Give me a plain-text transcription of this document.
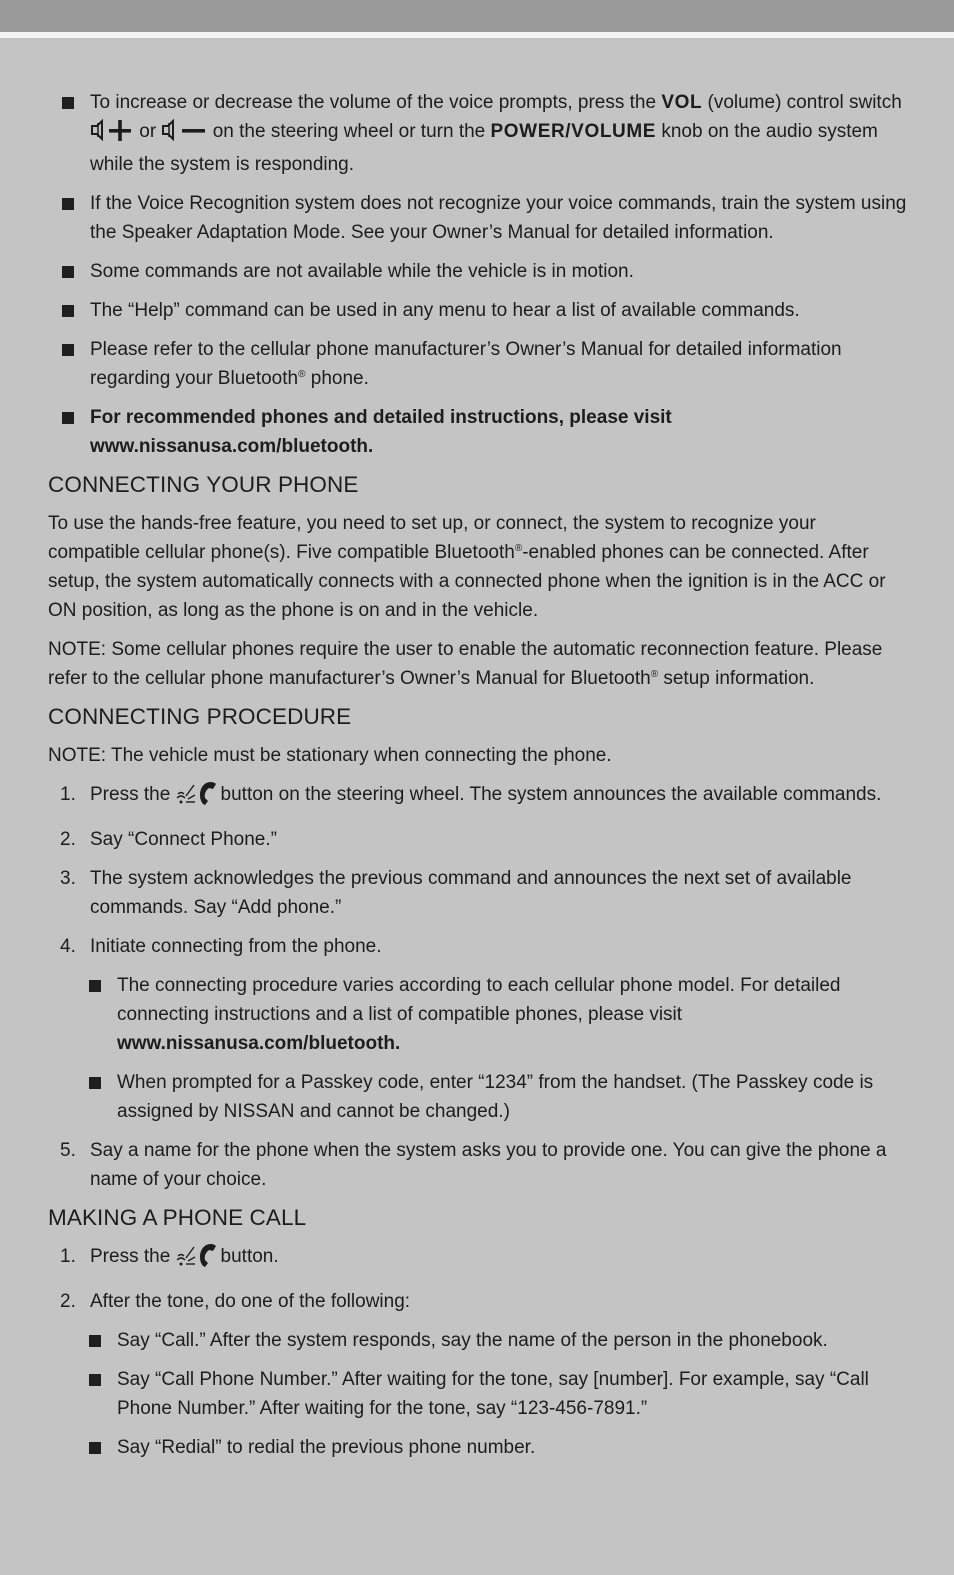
To increase or decrease the volume of the voice prompts, press the VOL (volume) control switch  or  on the steering wheel or turn the POWER/VOLUME knob on the audio system while the system is responding.
If the Voice Recognition system does not recognize your voice commands, train the system using the Speaker Adaptation Mode. See your Owner’s Manual for detailed information.
Some commands are not available while the vehicle is in motion.
The “Help” command can be used in any menu to hear a list of available commands.
Please refer to the cellular phone manufacturer’s Owner’s Manual for detailed information regarding your Bluetooth® phone.
For recommended phones and detailed instructions, please visit
www.nissanusa.com/bluetooth.
CONNECTING YOUR PHONE
To use the hands-free feature, you need to set up, or connect, the system to recognize your compatible cellular phone(s). Five compatible Bluetooth®-enabled phones can be connected. After setup, the system automatically connects with a connected phone when the ignition is in the ACC or ON position, as long as the phone is on and in the vehicle.
NOTE: Some cellular phones require the user to enable the automatic reconnection feature. Please refer to the cellular phone manufacturer’s Owner’s Manual for Bluetooth® setup information.
CONNECTING PROCEDURE
NOTE: The vehicle must be stationary when connecting the phone.
1. Press the button on the steering wheel. The system announces the available commands.
2. Say “Connect Phone.”
3. The system acknowledges the previous command and announces the next set of available commands. Say “Add phone.”
4. Initiate connecting from the phone.
The connecting procedure varies according to each cellular phone model. For detailed connecting instructions and a list of compatible phones, please visit
www.nissanusa.com/bluetooth.
When prompted for a Passkey code, enter “1234” from the handset. (The Passkey code is assigned by NISSAN and cannot be changed.)
5. Say a name for the phone when the system asks you to provide one. You can give the phone a name of your choice.
MAKING A PHONE CALL
1. Press the button.
2. After the tone, do one of the following:
Say “Call.” After the system responds, say the name of the person in the phonebook.
Say “Call Phone Number.” After waiting for the tone, say [number]. For example, say “Call Phone Number.” After waiting for the tone, say “123-456-7891.”
Say “Redial” to redial the previous phone number.
